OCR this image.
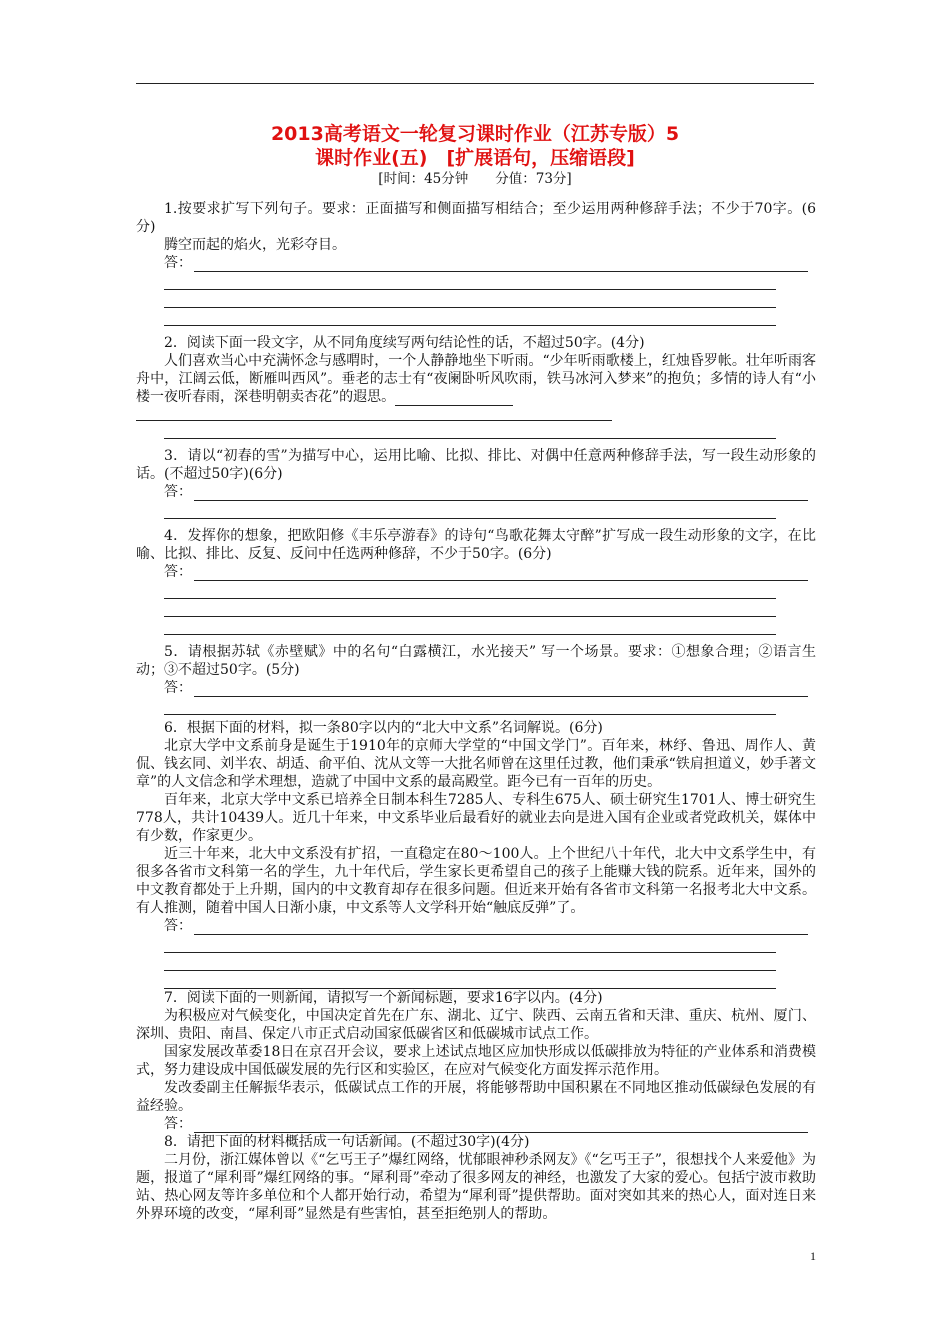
2013高考语文一轮复习课时作业（江苏专版）5
课时作业(五)　[扩展语句，压缩语段]
[时间：45分钟　　分值：73分]

1.按要求扩写下列句子。要求：正面描写和侧面描写相结合；至少运用两种修辞手法；不少于70字。(6分)

腾空而起的焰火，光彩夺目。

答：

2．阅读下面一段文字，从不同角度续写两句结论性的话，不超过50字。(4分)

人们喜欢当心中充满怀念与感喟时，一个人静静地坐下听雨。“少年听雨歌楼上，红烛昏罗帐。壮年听雨客舟中，江阔云低，断雁叫西风”。垂老的志士有“夜阑卧听风吹雨，铁马冰河入梦来”的抱负；多情的诗人有“小楼一夜听春雨，深巷明朝卖杏花”的遐思。

3．请以“初春的雪”为描写中心，运用比喻、比拟、排比、对偶中任意两种修辞手法，写一段生动形象的话。(不超过50字)(6分)

答：

4．发挥你的想象，把欧阳修《丰乐亭游春》的诗句“鸟歌花舞太守醉”扩写成一段生动形象的文字，在比喻、比拟、排比、反复、反问中任选两种修辞，不少于50字。(6分)

答：

5．请根据苏轼《赤壁赋》中的名句“白露横江，水光接天” 写一个场景。要求：①想象合理；②语言生动；③不超过50字。(5分)

答：

6．根据下面的材料，拟一条80字以内的“北大中文系”名词解说。(6分)

北京大学中文系前身是诞生于1910年的京师大学堂的“中国文学门”。百年来，林纾、鲁迅、周作人、黄侃、钱玄同、刘半农、胡适、俞平伯、沈从文等一大批名师曾在这里任过教，他们秉承“铁肩担道义，妙手著文章”的人文信念和学术理想，造就了中国中文系的最高殿堂。距今已有一百年的历史。

百年来，北京大学中文系已培养全日制本科生7285人、专科生675人、硕士研究生1701人、博士研究生778人，共计10439人。近几十年来，中文系毕业后最看好的就业去向是进入国有企业或者党政机关，媒体中有少数，作家更少。

近三十年来，北大中文系没有扩招，一直稳定在80～100人。上个世纪八十年代，北大中文系学生中，有很多各省市文科第一名的学生，九十年代后，学生家长更希望自己的孩子上能赚大钱的院系。近年来，国外的中文教育都处于上升期，国内的中文教育却存在很多问题。但近来开始有各省市文科第一名报考北大中文系。有人推测，随着中国人日渐小康，中文系等人文学科开始“触底反弹”了。

答：

7．阅读下面的一则新闻，请拟写一个新闻标题，要求16字以内。(4分)

为积极应对气候变化，中国决定首先在广东、湖北、辽宁、陕西、云南五省和天津、重庆、杭州、厦门、深圳、贵阳、南昌、保定八市正式启动国家低碳省区和低碳城市试点工作。

国家发展改革委18日在京召开会议，要求上述试点地区应加快形成以低碳排放为特征的产业体系和消费模式，努力建设成中国低碳发展的先行区和实验区，在应对气候变化方面发挥示范作用。

发改委副主任解振华表示，低碳试点工作的开展，将能够帮助中国积累在不同地区推动低碳绿色发展的有益经验。

答：

8．请把下面的材料概括成一句话新闻。(不超过30字)(4分)

二月份，浙江媒体曾以《“乞丐王子”爆红网络，忧郁眼神秒杀网友》《“乞丐王子”，很想找个人来爱他》为题，报道了“犀利哥”爆红网络的事。“犀利哥”牵动了很多网友的神经，也激发了大家的爱心。包括宁波市救助站、热心网友等许多单位和个人都开始行动，希望为“犀利哥”提供帮助。面对突如其来的热心人，面对连日来外界环境的改变，“犀利哥”显然是有些害怕，甚至拒绝别人的帮助。

1
